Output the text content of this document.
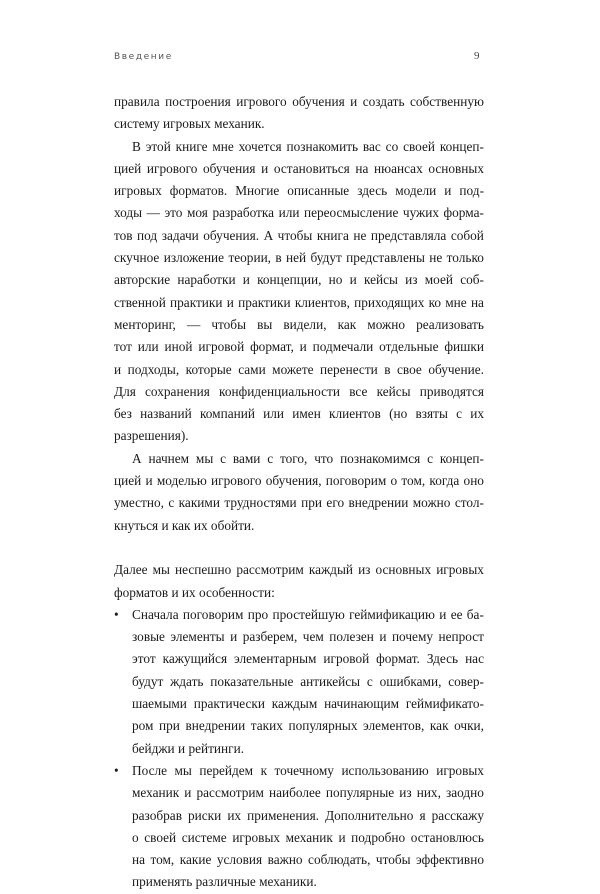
Введение	9
правила построения игрового обучения и создать собственную
систему игровых механик.
В этой книге мне хочется познакомить вас со своей концеп-
цией игрового обучения и остановиться на нюансах основных
игровых форматов. Многие описанные здесь модели и под-
ходы — это моя разработка или переосмысление чужих форма-
тов под задачи обучения. А чтобы книга не представляла собой
скучное изложение теории, в ней будут представлены не только
авторские наработки и концепции, но и кейсы из моей соб-
ственной практики и практики клиентов, приходящих ко мне на
менторинг, — чтобы вы видели, как можно реализовать
тот или иной игровой формат, и подмечали отдельные фишки
и подходы, которые сами можете перенести в свое обучение.
Для сохранения конфиденциальности все кейсы приводятся
без названий компаний или имен клиентов (но взяты с их
разрешения).
А начнем мы с вами с того, что познакомимся с концеп-
цией и моделью игрового обучения, поговорим о том, когда оно
уместно, с какими трудностями при его внедрении можно стол-
кнуться и как их обойти.
Далее мы неспешно рассмотрим каждый из основных игровых
форматов и их особенности:
• Сначала поговорим про простейшую геймификацию и ее ба-
зовые элементы и разберем, чем полезен и почему непрост
этот кажущийся элементарным игровой формат. Здесь нас
будут ждать показательные антикейсы с ошибками, совер-
шаемыми практически каждым начинающим геймификато-
ром при внедрении таких популярных элементов, как очки,
бейджи и рейтинги.
• После мы перейдем к точечному использованию игровых
механик и рассмотрим наиболее популярные из них, заодно
разобрав риски их применения. Дополнительно я расскажу
о своей системе игровых механик и подробно остановлюсь
на том, какие условия важно соблюдать, чтобы эффективно
применять различные механики.
